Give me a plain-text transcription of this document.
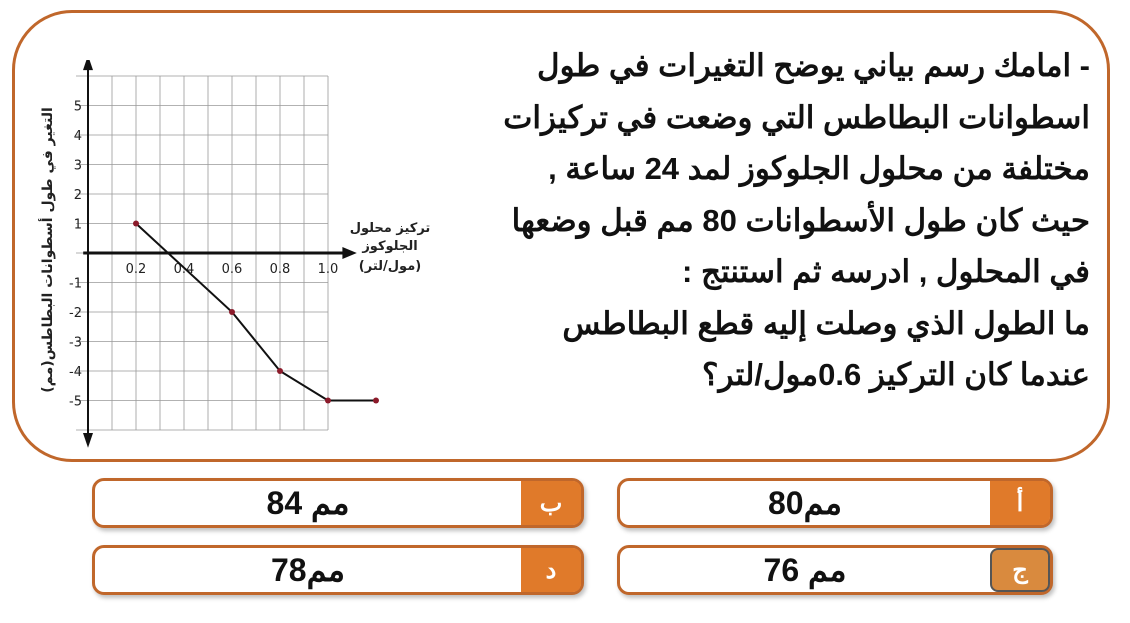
- امامك رسم بياني يوضح التغيرات في طول
اسطوانات البطاطس التي وضعت في تركيزات
مختلفة من محلول الجلوكوز لمد 24 ساعة ,
حيث كان طول الأسطوانات 80 مم قبل وضعها
في المحلول , ادرسه ثم استنتج :
ما الطول الذي وصلت إليه قطع البطاطس
عندما كان التركيز 0.6مول/لتر؟
0.2 0.4 0.6 0.8 1.0
5
4
3
2
1
-1
-2
-3
-4
-5
التغير في طول أسطوانات البطاطس(مم)	تركيز محلول
الجلوكوز
(مول/لتر)
80مم	أ
84 مم	ب
76 مم	ج
78مم	د
